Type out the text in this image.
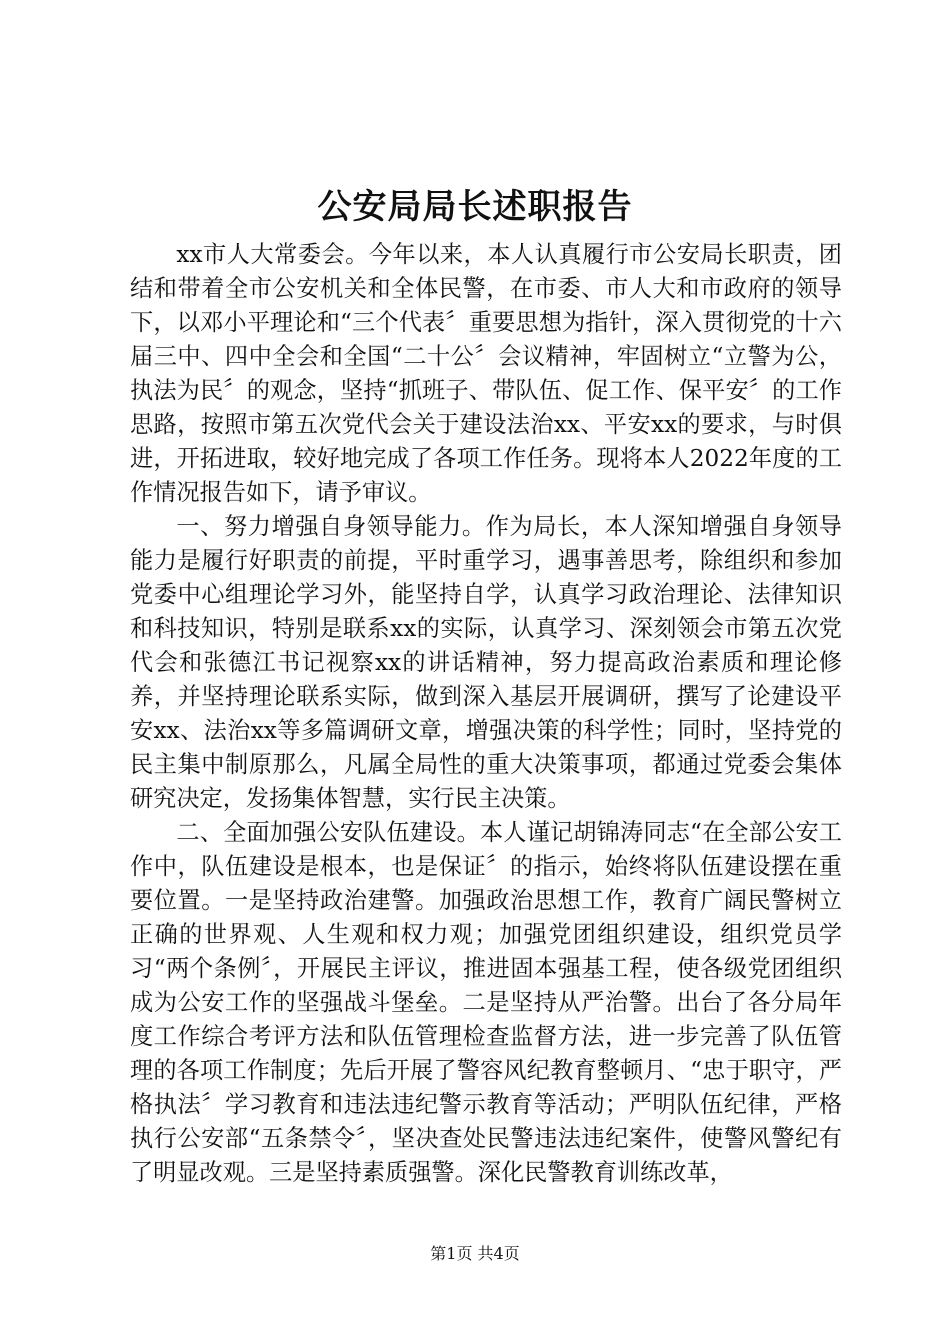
公安局局长述职报告

xx市人大常委会。今年以来，本人认真履行市公安局长职责，团结和带着全市公安机关和全体民警，在市委、市人大和市政府的领导下，以邓小平理论和“三个代表〞重要思想为指针，深入贯彻党的十六届三中、四中全会和全国“二十公〞会议精神，牢固树立“立警为公，执法为民〞的观念，坚持“抓班子、带队伍、促工作、保平安〞的工作思路，按照市第五次党代会关于建设法治xx、平安xx的要求，与时俱进，开拓进取，较好地完成了各项工作任务。现将本人2022年度的工作情况报告如下，请予审议。

一、努力增强自身领导能力。作为局长，本人深知增强自身领导能力是履行好职责的前提，平时重学习，遇事善思考，除组织和参加党委中心组理论学习外，能坚持自学，认真学习政治理论、法律知识和科技知识，特别是联系xx的实际，认真学习、深刻领会市第五次党代会和张德江书记视察xx的讲话精神，努力提高政治素质和理论修养，并坚持理论联系实际，做到深入基层开展调研，撰写了论建设平安xx、法治xx等多篇调研文章，增强决策的科学性；同时，坚持党的民主集中制原那么，凡属全局性的重大决策事项，都通过党委会集体研究决定，发扬集体智慧，实行民主决策。

二、全面加强公安队伍建设。本人谨记胡锦涛同志“在全部公安工作中，队伍建设是根本，也是保证〞的指示，始终将队伍建设摆在重要位置。一是坚持政治建警。加强政治思想工作，教育广阔民警树立正确的世界观、人生观和权力观；加强党团组织建设，组织党员学习“两个条例〞，开展民主评议，推进固本强基工程，使各级党团组织成为公安工作的坚强战斗堡垒。二是坚持从严治警。出台了各分局年度工作综合考评方法和队伍管理检查监督方法，进一步完善了队伍管理的各项工作制度；先后开展了警容风纪教育整顿月、“忠于职守，严格执法〞学习教育和违法违纪警示教育等活动；严明队伍纪律，严格执行公安部“五条禁令〞，坚决查处民警违法违纪案件，使警风警纪有了明显改观。三是坚持素质强警。深化民警教育训练改革，

第1页 共4页
